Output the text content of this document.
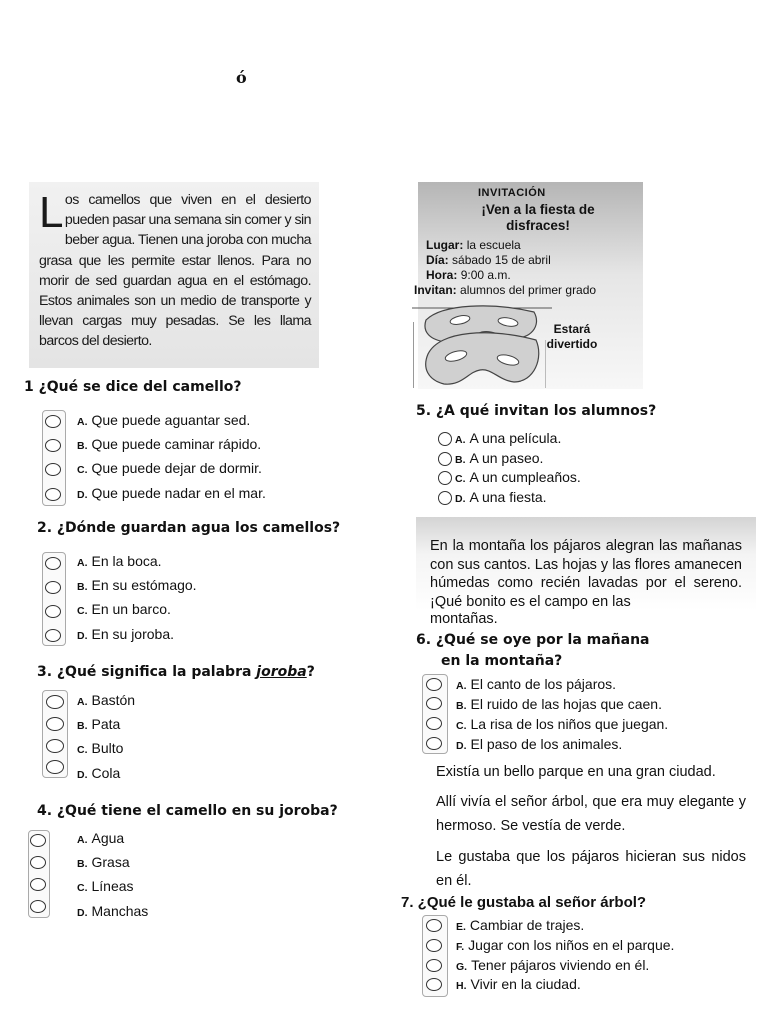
ó

Los camellos que viven en el desierto pueden pasar una semana sin comer y sin beber agua. Tienen una joroba con mucha grasa que les permite estar llenos. Para no morir de sed guardan agua en el estómago. Estos animales son un medio de transporte y llevan cargas muy pesadas. Se les llama barcos del desierto.

INVITACIÓN
¡Ven a la fiesta de disfraces!
Lugar: la escuela
Día: sábado 15 de abril
Hora: 9:00 a.m.
Invitan: alumnos del primer grado
Estará divertido
1 ¿Qué se dice del camello?
A. Que puede aguantar sed.
B. Que puede caminar rápido.
C. Que puede dejar de dormir.
D. Que puede nadar en el mar.
2. ¿Dónde guardan agua los camellos?
A. En la boca.
B. En su estómago.
C. En un barco.
D. En su joroba.
3. ¿Qué significa la palabra joroba?
A. Bastón
B. Pata
C. Bulto
D. Cola
4. ¿Qué tiene el camello en su joroba?
A. Agua
B. Grasa
C. Líneas
D. Manchas
5. ¿A qué invitan los alumnos?
A. A una película.
B. A un paseo.
C. A un cumpleaños.
D. A una fiesta.

En la montaña los pájaros alegran las mañanas con sus cantos. Las hojas y las flores amanecen húmedas como recién lavadas por el sereno. ¡Qué bonito es el campo en las

montañas.
6. ¿Qué se oye por la mañana
en la montaña?
A. El canto de los pájaros.
B. El ruido de las hojas que caen.
C. La risa de los niños que juegan.
D. El paso de los animales.
Existía un bello parque en una gran ciudad.
Allí vivía el señor árbol, que era muy elegante y hermoso. Se vestía de verde.
Le gustaba que los pájaros hicieran sus nidos en él.
7. ¿Qué le gustaba al señor árbol?
E. Cambiar de trajes.
F. Jugar con los niños en el parque.
G. Tener pájaros viviendo en él.
H. Vivir en la ciudad.
